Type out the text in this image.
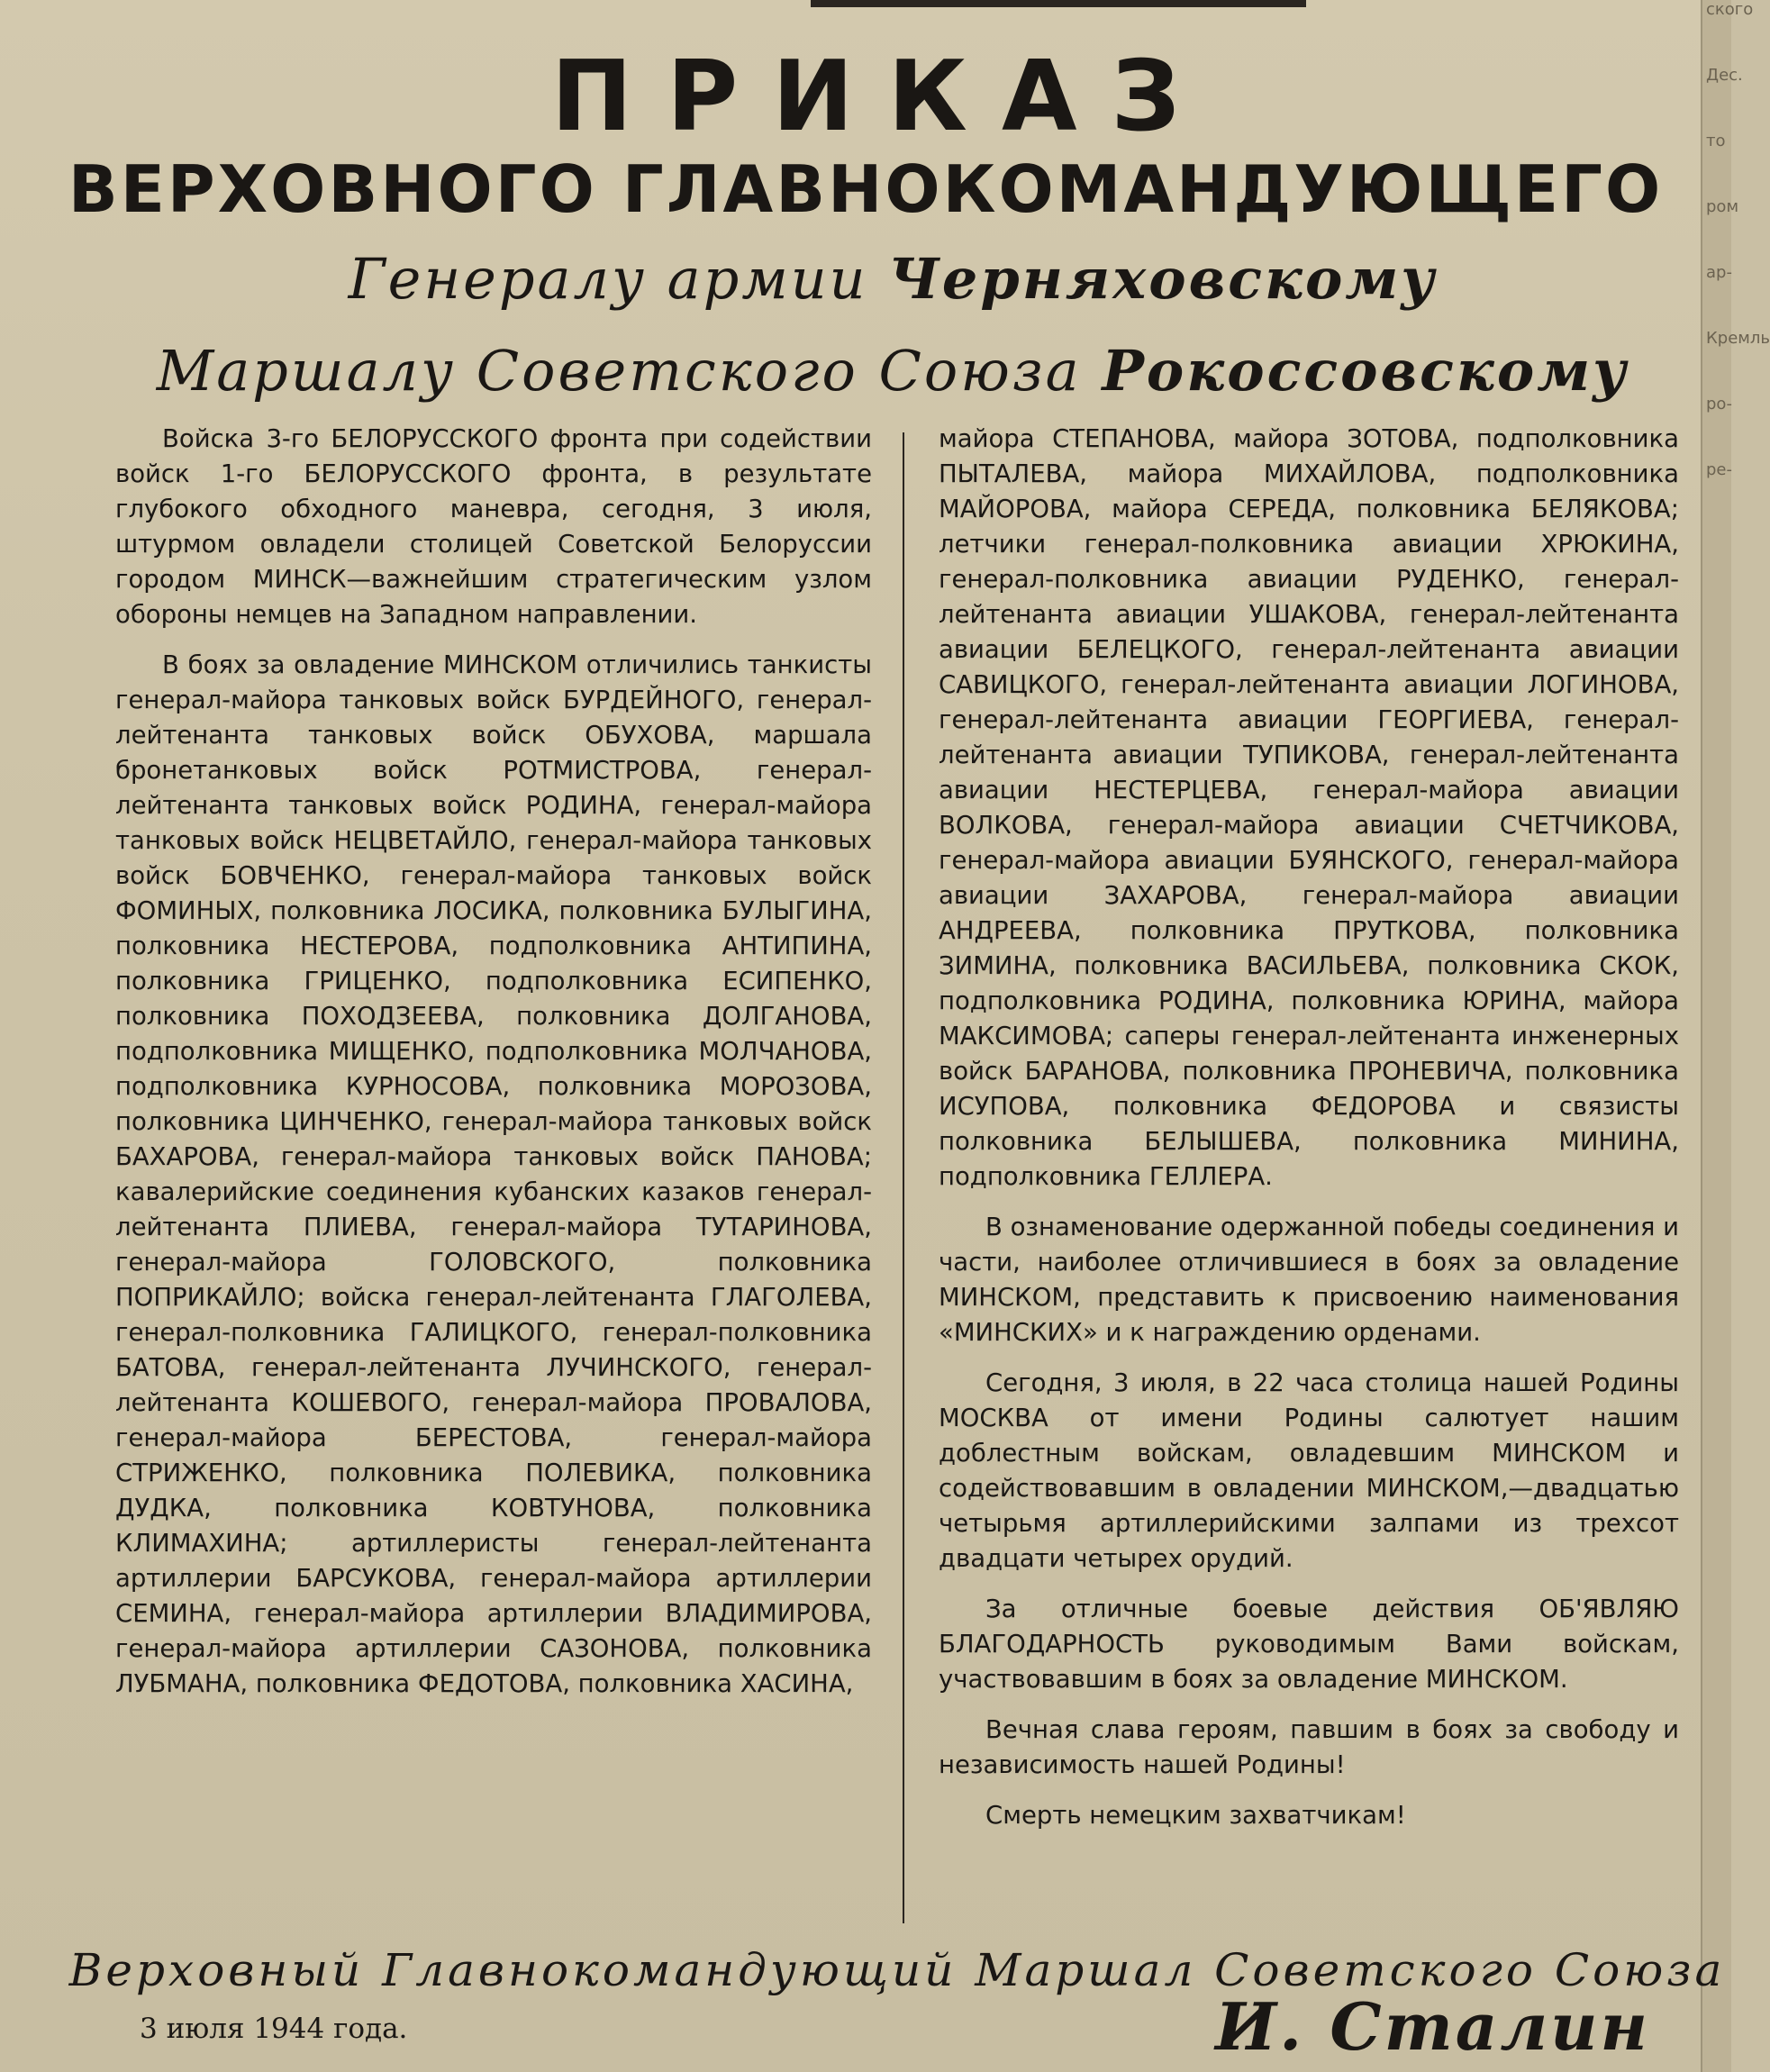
ского
Дес.
то
ром
ар-
Кремль
ро-
ре-
ПРИКАЗ
ВЕРХОВНОГО ГЛАВНОКОМАНДУЮЩЕГО
Генералу армии Черняховскому
Маршалу Советского Союза Рокоссовскому

Войска 3-го БЕЛОРУССКОГО фронта при содействии войск 1-го БЕЛОРУССКОГО фронта, в результате глубокого обходного маневра, сегодня, 3 июля, штурмом овладели столицей Советской Белоруссии городом МИНСК—важнейшим стратегическим узлом обороны немцев на Западном направлении.

В боях за овладение МИНСКОМ отличились танкисты генерал-майора танковых войск БУРДЕЙНОГО, генерал-лейтенанта танковых войск ОБУХОВА, маршала бронетанковых войск РОТМИСТРОВА, генерал-лейтенанта танковых войск РОДИНА, генерал-майора танковых войск НЕЦВЕТАЙЛО, генерал-майора танковых войск БОВЧЕНКО, генерал-майора танковых войск ФОМИНЫХ, полковника ЛОСИКА, полковника БУЛЫГИНА, полковника НЕСТЕРОВА, подполковника АНТИПИНА, полковника ГРИЦЕНКО, подполковника ЕСИПЕНКО, полковника ПОХОДЗЕЕВА, полковника ДОЛГАНОВА, подполковника МИЩЕНКО, подполковника МОЛЧАНОВА, подполковника КУРНОСОВА, полковника МОРОЗОВА, полковника ЦИНЧЕНКО, генерал-майора танковых войск БАХАРОВА, генерал-майора танковых войск ПАНОВА; кавалерийские соединения кубанских казаков генерал-лейтенанта ПЛИЕВА, генерал-майора ТУТАРИНОВА, генерал-майора ГОЛОВСКОГО, полковника ПОПРИКАЙЛО; войска генерал-лейтенанта ГЛАГОЛЕВА, генерал-полковника ГАЛИЦКОГО, генерал-полковника БАТОВА, генерал-лейтенанта ЛУЧИНСКОГО, генерал-лейтенанта КОШЕВОГО, генерал-майора ПРОВАЛОВА, генерал-майора БЕРЕСТОВА, генерал-майора СТРИЖЕНКО, полковника ПОЛЕВИКА, полковника ДУДКА, полковника КОВТУНОВА, полковника КЛИМАХИНА; артиллеристы генерал-лейтенанта артиллерии БАРСУКОВА, генерал-майора артиллерии СЕМИНА, генерал-майора артиллерии ВЛАДИМИРОВА, генерал-майора артиллерии САЗОНОВА, полковника ЛУБМАНА, полковника ФЕДОТОВА, полковника ХАСИНА,

майора СТЕПАНОВА, майора ЗОТОВА, подполковника ПЫТАЛЕВА, майора МИХАЙЛОВА, подполковника МАЙОРОВА, майора СЕРЕДА, полковника БЕЛЯКОВА; летчики генерал-полковника авиации ХРЮКИНА, генерал-полковника авиации РУДЕНКО, генерал-лейтенанта авиации УШАКОВА, генерал-лейтенанта авиации БЕЛЕЦКОГО, генерал-лейтенанта авиации САВИЦКОГО, генерал-лейтенанта авиации ЛОГИНОВА, генерал-лейтенанта авиации ГЕОРГИЕВА, генерал-лейтенанта авиации ТУПИКОВА, генерал-лейтенанта авиации НЕСТЕРЦЕВА, генерал-майора авиации ВОЛКОВА, генерал-майора авиации СЧЕТЧИКОВА, генерал-майора авиации БУЯНСКОГО, генерал-майора авиации ЗАХАРОВА, генерал-майора авиации АНДРЕЕВА, полковника ПРУТКОВА, полковника ЗИМИНА, полковника ВАСИЛЬЕВА, полковника СКОК, подполковника РОДИНА, полковника ЮРИНА, майора МАКСИМОВА; саперы генерал-лейтенанта инженерных войск БАРАНОВА, полковника ПРОНЕВИЧА, полковника ИСУПОВА, полковника ФЕДОРОВА и связисты полковника БЕЛЫШЕВА, полковника МИНИНА, подполковника ГЕЛЛЕРА.

В ознаменование одержанной победы соединения и части, наиболее отличившиеся в боях за овладение МИНСКОМ, представить к присвоению наименования «МИНСКИХ» и к награждению орденами.

Сегодня, 3 июля, в 22 часа столица нашей Родины МОСКВА от имени Родины салютует нашим доблестным войскам, овладевшим МИНСКОМ и содействовавшим в овладении МИНСКОМ,—двадцатью четырьмя артиллерийскими залпами из трехсот двадцати четырех орудий.

За отличные боевые действия ОБ'ЯВЛЯЮ БЛАГОДАРНОСТЬ руководимым Вами войскам, участвовавшим в боях за овладение МИНСКОМ.

Вечная слава героям, павшим в боях за свободу и независимость нашей Родины!

Смерть немецким захватчикам!

Верховный Главнокомандующий Маршал Советского Союза
3 июля 1944 года.	И. Сталин
